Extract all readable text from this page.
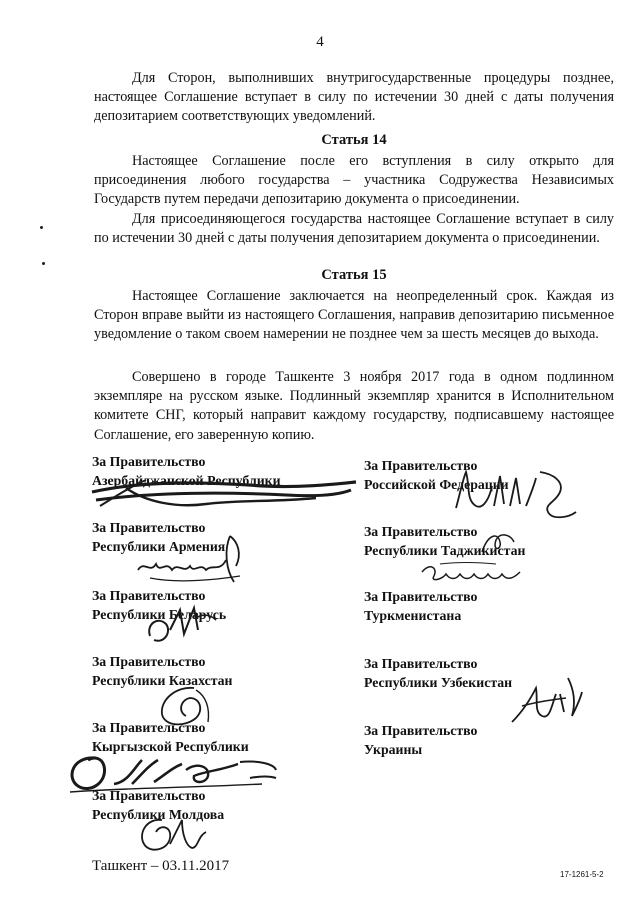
4

Для Сторон, выполнивших внутригосударственные процедуры позднее, настоящее Соглашение вступает в силу по истечении 30 дней с даты получения депозитарием соответствующих уведомлений.

Статья 14

Настоящее Соглашение после его вступления в силу открыто для присоединения любого государства – участника Содружества Независимых Государств путем передачи депозитарию документа о присоединении.

Для присоединяющегося государства настоящее Соглашение вступает в силу по истечении 30 дней с даты получения депозитарием документа о присоединении.

Статья 15

Настоящее Соглашение заключается на неопределенный срок. Каждая из Сторон вправе выйти из настоящего Соглашения, направив депозитарию письменное уведомление о таком своем намерении не позднее чем за шесть месяцев до выхода.

Совершено в городе Ташкенте 3 ноября 2017 года в одном подлинном экземпляре на русском языке. Подлинный экземпляр хранится в Исполнительном комитете СНГ, который направит каждому государству, подписавшему настоящее Соглашение, его заверенную копию.

За Правительство
Азербайджанской Республики
За Правительство
Республики Армения
За Правительство
Республики Беларусь
За Правительство
Республики Казахстан
За Правительство
Кыргызской Республики
За Правительство
Республики Молдова
За Правительство
Российской Федерации
За Правительство
Республики Таджикистан
За Правительство
Туркменистана
За Правительство
Республики Узбекистан
За Правительство
Украины
Ташкент – 03.11.2017
17-1261-5-2
